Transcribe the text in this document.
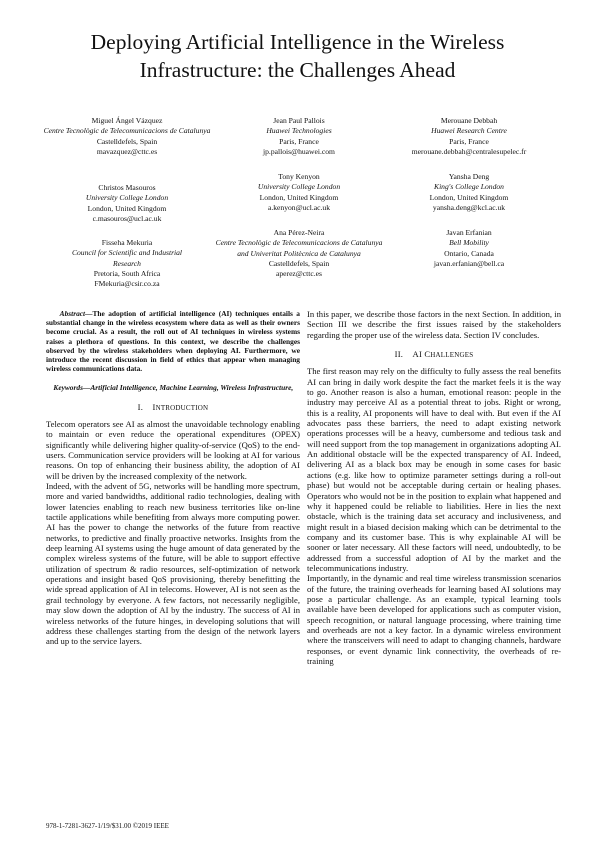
Deploying Artificial Intelligence in the Wireless Infrastructure: the Challenges Ahead
Miguel Ángel Vázquez
Centre Tecnològic de Telecomunicacions de Catalunya
Castelldefels, Spain
mavazquez@cttc.es
Jean Paul Pallois
Huawei Technologies
Paris, France
jp.pallois@huawei.com
Merouane Debbah
Huawei Research Centre
Paris, France
merouane.debbah@centralesupelec.fr
Christos Masouros
University College London
London, United Kingdom
c.masouros@ucl.ac.uk
Tony Kenyon
University College London
London, United Kingdom
a.kenyon@ucl.ac.uk
Yansha Deng
King's College London
London, United Kingdom
yansha.deng@kcl.ac.uk
Fisseha Mekuria
Council for Scientific and Industrial Research
Pretoria, South Africa
FMekuria@csir.co.za
Ana Pérez-Neira
Centre Tecnològic de Telecomunicacions de Catalunya and Univeritat Politècnica de Catalunya
Castelldefels, Spain
aperez@cttc.es
Javan Erfanian
Bell Mobility
Ontario, Canada
javan.erfanian@bell.ca

Abstract—The adoption of artificial intelligence (AI) techniques entails a substantial change in the wireless ecosystem where data as well as their owners become crucial. As a result, the roll out of AI techniques in wireless systems raises a plethora of questions. In this context, we describe the challenges observed by the wireless stakeholders when deploying AI. Furthermore, we introduce the recent discussion in field of ethics that appear when managing wireless communications data.

Keywords—Artificial Intelligence, Machine Learning, Wireless Infrastructure,

I. INTRODUCTION

Telecom operators see AI as almost the unavoidable technology enabling to maintain or even reduce the operational expenditures (OPEX) significantly while delivering higher quality-of-service (QoS) to the end-users. Communication service providers will be looking at AI for various reasons. On top of enhancing their business ability, the adoption of AI will be driven by the increased complexity of the network.

Indeed, with the advent of 5G, networks will be handling more spectrum, more and varied bandwidths, additional radio technologies, dealing with lower latencies enabling to reach new business territories like on-line tactile applications while benefiting from always more computing power. AI has the power to change the networks of the future from reactive networks, to predictive and finally proactive networks. Insights from the deep learning AI systems using the huge amount of data generated by the complex wireless systems of the future, will be able to support effective utilization of spectrum & radio resources, self-optimization of network operations and insight based QoS provisioning, thereby benefitting the wide spread application of AI in telecoms. However, AI is not seen as the grail technology by everyone. A few factors, not necessarily negligible, may slow down the adoption of AI by the industry. The success of AI in wireless networks of the future hinges, in developing solutions that will address these challenges starting from the design of the network layers and up to the service layers.

In this paper, we describe those factors in the next Section. In addition, in Section III we describe the first issues raised by the stakeholders regarding the proper use of the wireless data. Section IV concludes.

II. AI CHALLENGES

The first reason may rely on the difficulty to fully assess the real benefits AI can bring in daily work despite the fact the market feels it is the way to go. Another reason is also a human, emotional reason: people in the industry may perceive AI as a potential threat to jobs. Right or wrong, this is a reality, AI proponents will have to deal with. But even if the AI advocates pass these barriers, the need to adapt existing network operations processes will be a heavy, cumbersome and tedious task and will need support from the top management in organizations adopting AI. An additional obstacle will be the expected transparency of AI. Indeed, delivering AI as a black box may be enough in some cases for basic actions (e.g. like how to optimize parameter settings during a roll-out phase) but would not be acceptable during certain or healing phases. Operators who would not be in the position to explain what happened and why it happened could be reliable to liabilities. Here in lies the next obstacle, which is the training data set accuracy and inclusiveness, and might result in a biased decision making which can be detrimental to the company and its customer base. This is why explainable AI will be sooner or later necessary. All these factors will need, undoubtedly, to be addressed from a successful adoption of AI by the market and the telecommunications industry.

Importantly, in the dynamic and real time wireless transmission scenarios of the future, the training overheads for learning based AI solutions may pose a particular challenge. As an example, typical learning tools available have been developed for applications such as computer vision, speech recognition, or natural language processing, where training time and overheads are not a key factor. In a dynamic wireless environment where the transceivers will need to adapt to changing channels, hardware responses, or event dynamic link connectivity, the overheads of re-training

978-1-7281-3627-1/19/$31.00 ©2019 IEEE
